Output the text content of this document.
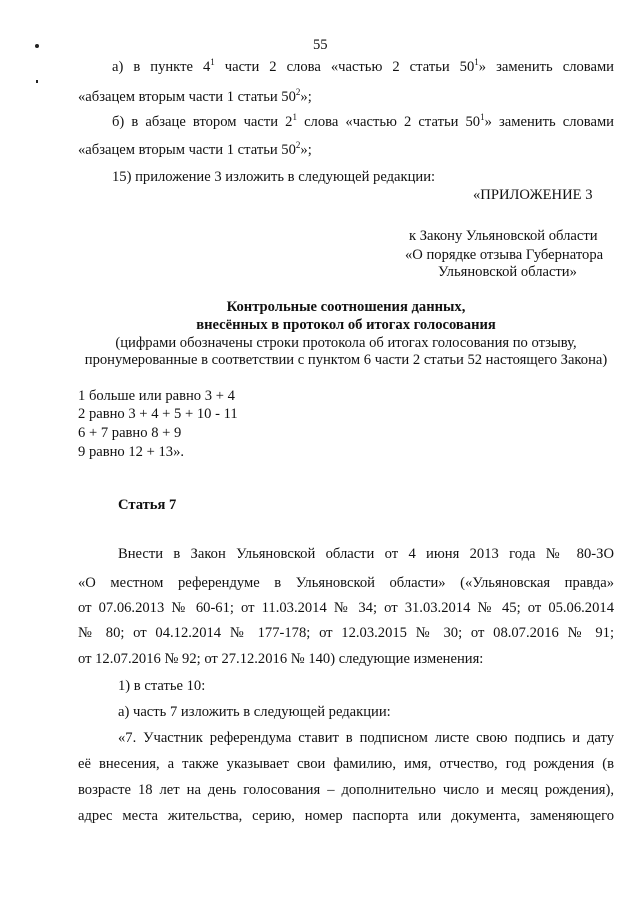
55
а) в пункте $4^1$ части 2 слова «частью 2 статьи $50^1$» заменить словами
«абзацем вторым части 1 статьи $50^2$»;
б) в абзаце втором части $2^1$ слова «частью 2 статьи $50^1$» заменить словами
«абзацем вторым части 1 статьи $50^2$»;
15) приложение 3 изложить в следующей редакции:
«ПРИЛОЖЕНИЕ 3
к Закону Ульяновской области
«О порядке отзыва Губернатора
Ульяновской области»
Контрольные соотношения данных,
внесённых в протокол об итогах голосования
(цифрами обозначены строки протокола об итогах голосования по отзыву,
пронумерованные в соответствии с пунктом 6 части 2 статьи 52 настоящего Закона)
1 больше или равно 3 + 4
2 равно 3 + 4 + 5 + 10 - 11
6 + 7 равно 8 + 9
9 равно 12 + 13».
Статья 7
Внести в Закон Ульяновской области от 4 июня 2013 года № 80-ЗО
«О местном референдуме в Ульяновской области» («Ульяновская правда»
от 07.06.2013 № 60-61; от 11.03.2014 № 34; от 31.03.2014 № 45; от 05.06.2014
№ 80; от 04.12.2014 № 177-178; от 12.03.2015 № 30; от 08.07.2016 № 91;
от 12.07.2016 № 92; от 27.12.2016 № 140) следующие изменения:
1) в статье 10:
а) часть 7 изложить в следующей редакции:
«7. Участник референдума ставит в подписном листе свою подпись и дату
её внесения, а также указывает свои фамилию, имя, отчество, год рождения (в
возрасте 18 лет на день голосования – дополнительно число и месяц рождения),
адрес места жительства, серию, номер паспорта или документа, заменяющего
